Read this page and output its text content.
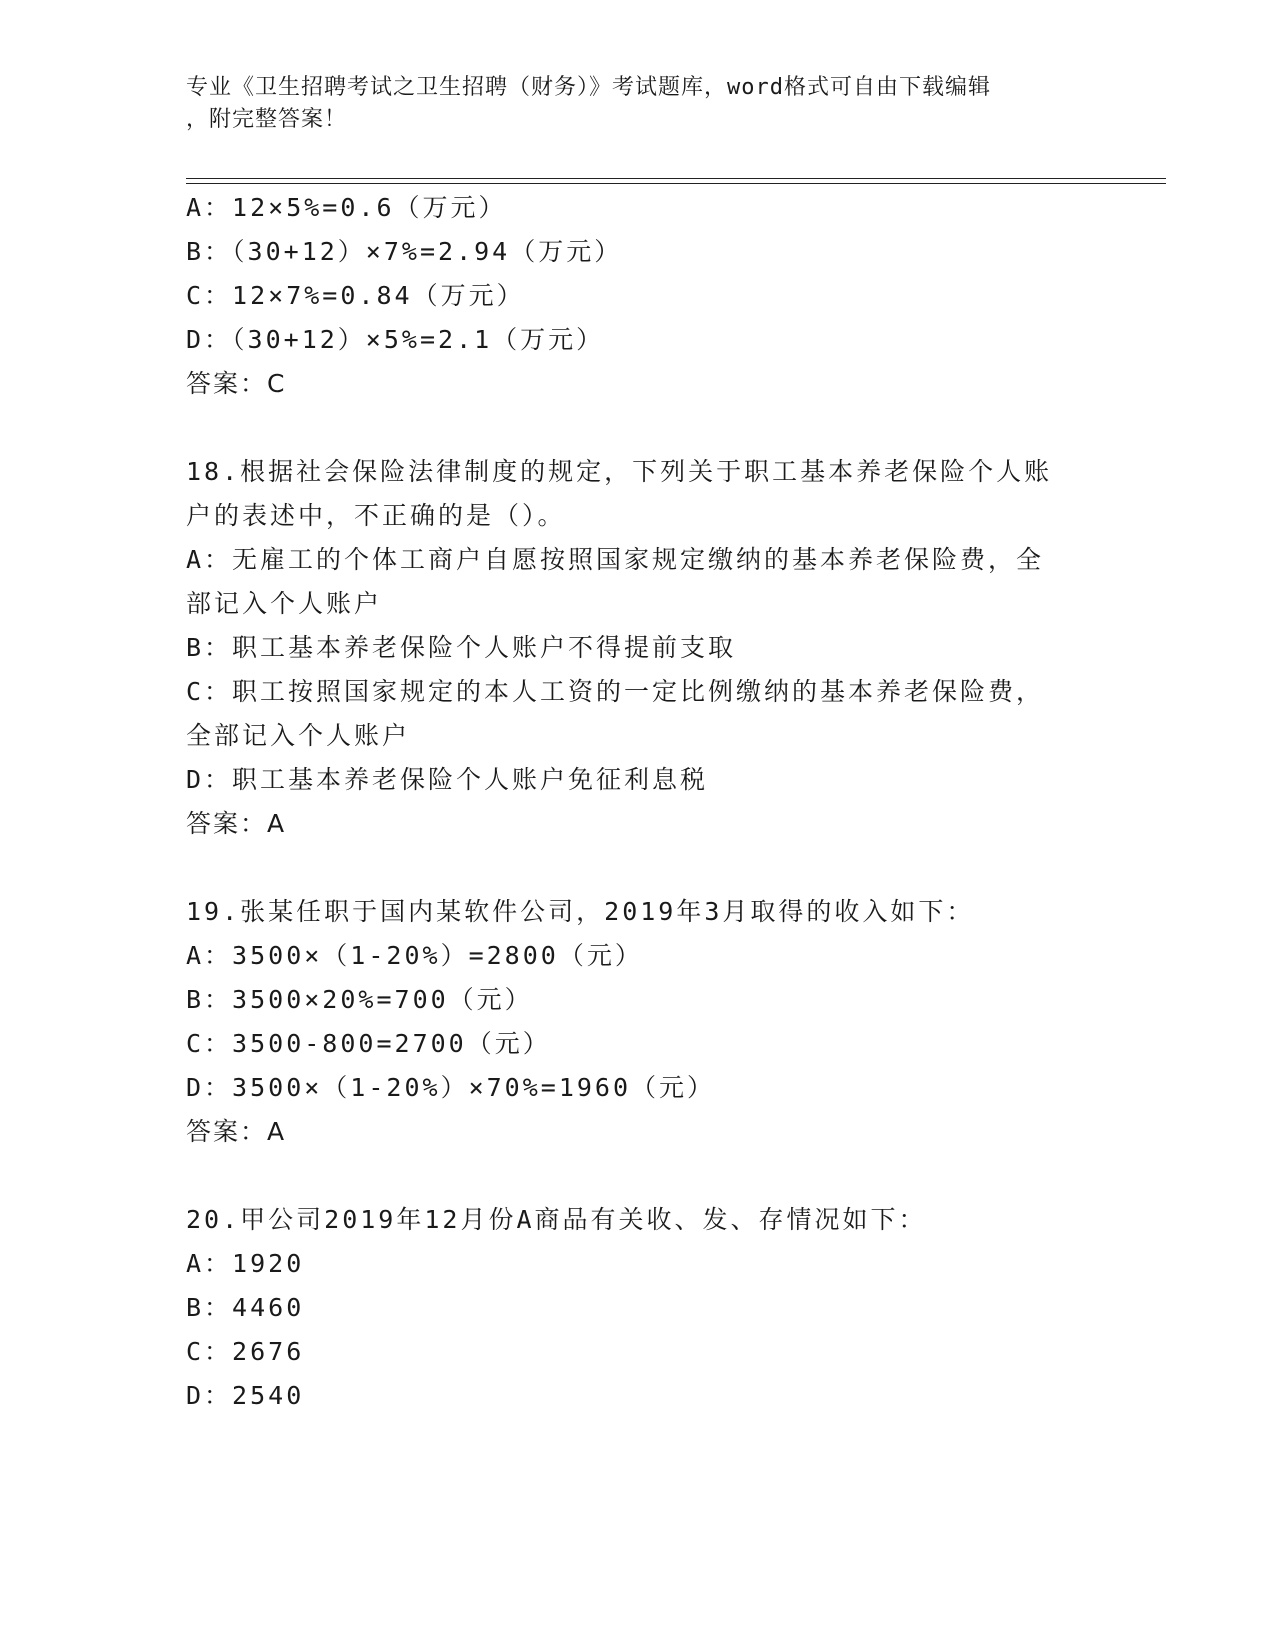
专业《卫生招聘考试之卫生招聘（财务）》考试题库，word格式可自由下载编辑
，附完整答案！
A：12×5%=0.6（万元）
B：（30+12）×7%=2.94（万元）
C：12×7%=0.84（万元）
D：（30+12）×5%=2.1（万元）
答案：C
18.根据社会保险法律制度的规定，下列关于职工基本养老保险个人账
户的表述中，不正确的是（）。
A：无雇工的个体工商户自愿按照国家规定缴纳的基本养老保险费，全
部记入个人账户
B：职工基本养老保险个人账户不得提前支取
C：职工按照国家规定的本人工资的一定比例缴纳的基本养老保险费，
全部记入个人账户
D：职工基本养老保险个人账户免征利息税
答案：A
19.张某任职于国内某软件公司，2019年3月取得的收入如下：
A：3500×（1-20%）=2800（元）
B：3500×20%=700（元）
C：3500-800=2700（元）
D：3500×（1-20%）×70%=1960（元）
答案：A
20.甲公司2019年12月份A商品有关收、发、存情况如下：
A：1920
B：4460
C：2676
D：2540
